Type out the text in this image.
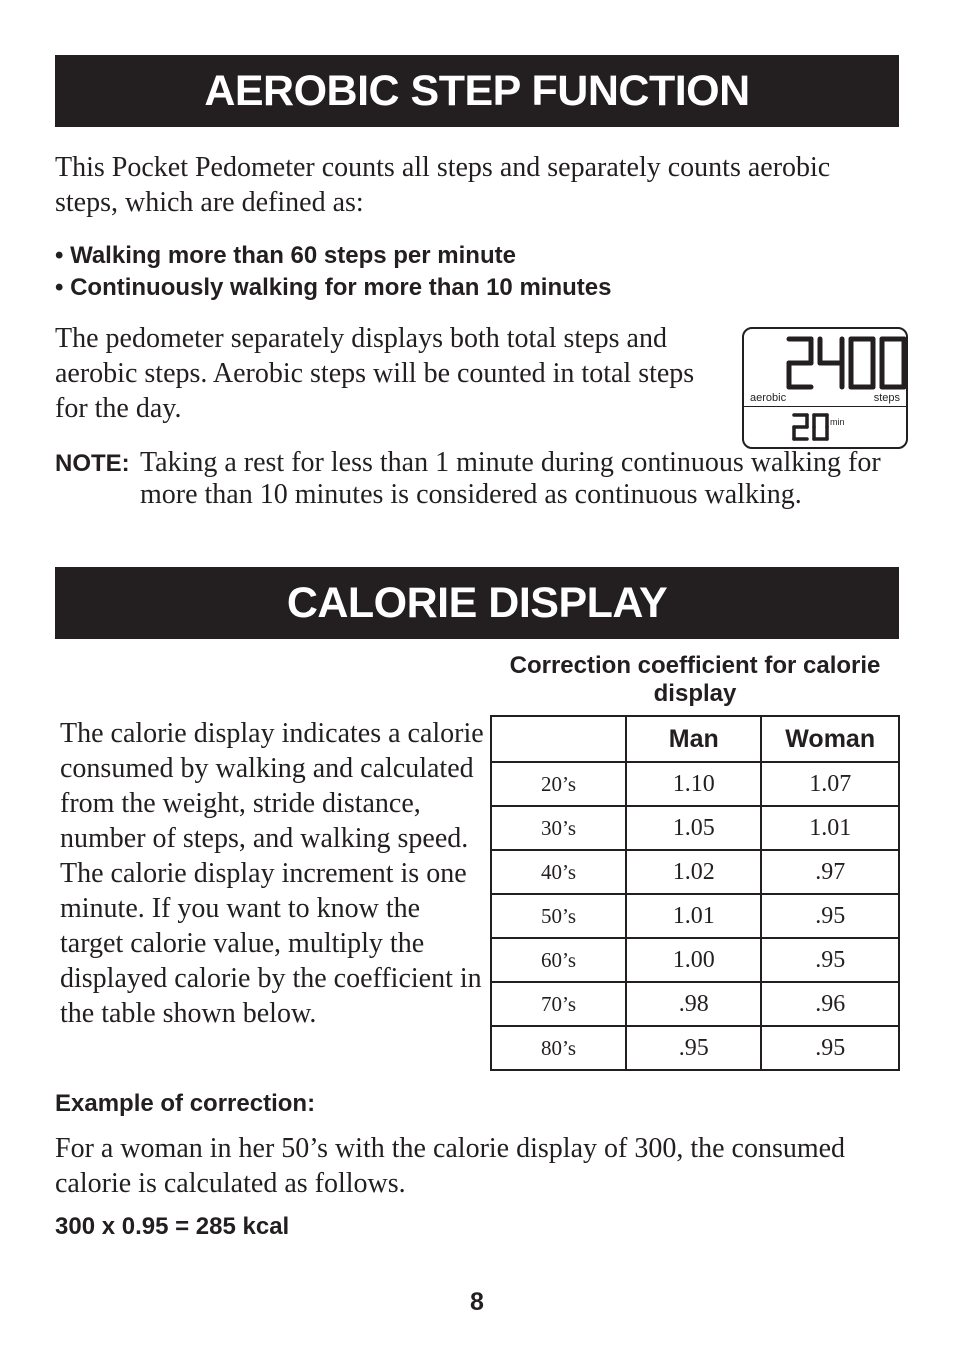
AEROBIC STEP FUNCTION

This Pocket Pedometer counts all steps and separately counts aerobic steps, which are defined as:

• Walking more than 60 steps per minute
• Continuously walking for more than 10 minutes

The pedometer separately displays both total steps and aerobic steps. Aerobic steps will be counted in total steps for the day.	aerobic	steps
min
NOTE: Taking a rest for less than 1 minute during continuous walking for more than 10 minutes is considered as continuous walking.
CALORIE DISPLAY
Correction coefficient for calorie display
The calorie display indicates a calorie consumed by walking and calculated from the weight, stride distance, number of steps, and walking speed.
The calorie display increment is one minute. If you want to know the target calorie value, multiply the displayed calorie by the coefficient in the table shown below.
	Man	Woman
20’s	1.10	1.07
30’s	1.05	1.01
40’s	1.02	.97
50’s	1.01	.95
60’s	1.00	.95
70’s	.98	.96
80’s	.95	.95
Example of correction:

For a woman in her 50’s with the calorie display of 300, the consumed calorie is calculated as follows.

300 x 0.95 = 285 kcal
8
